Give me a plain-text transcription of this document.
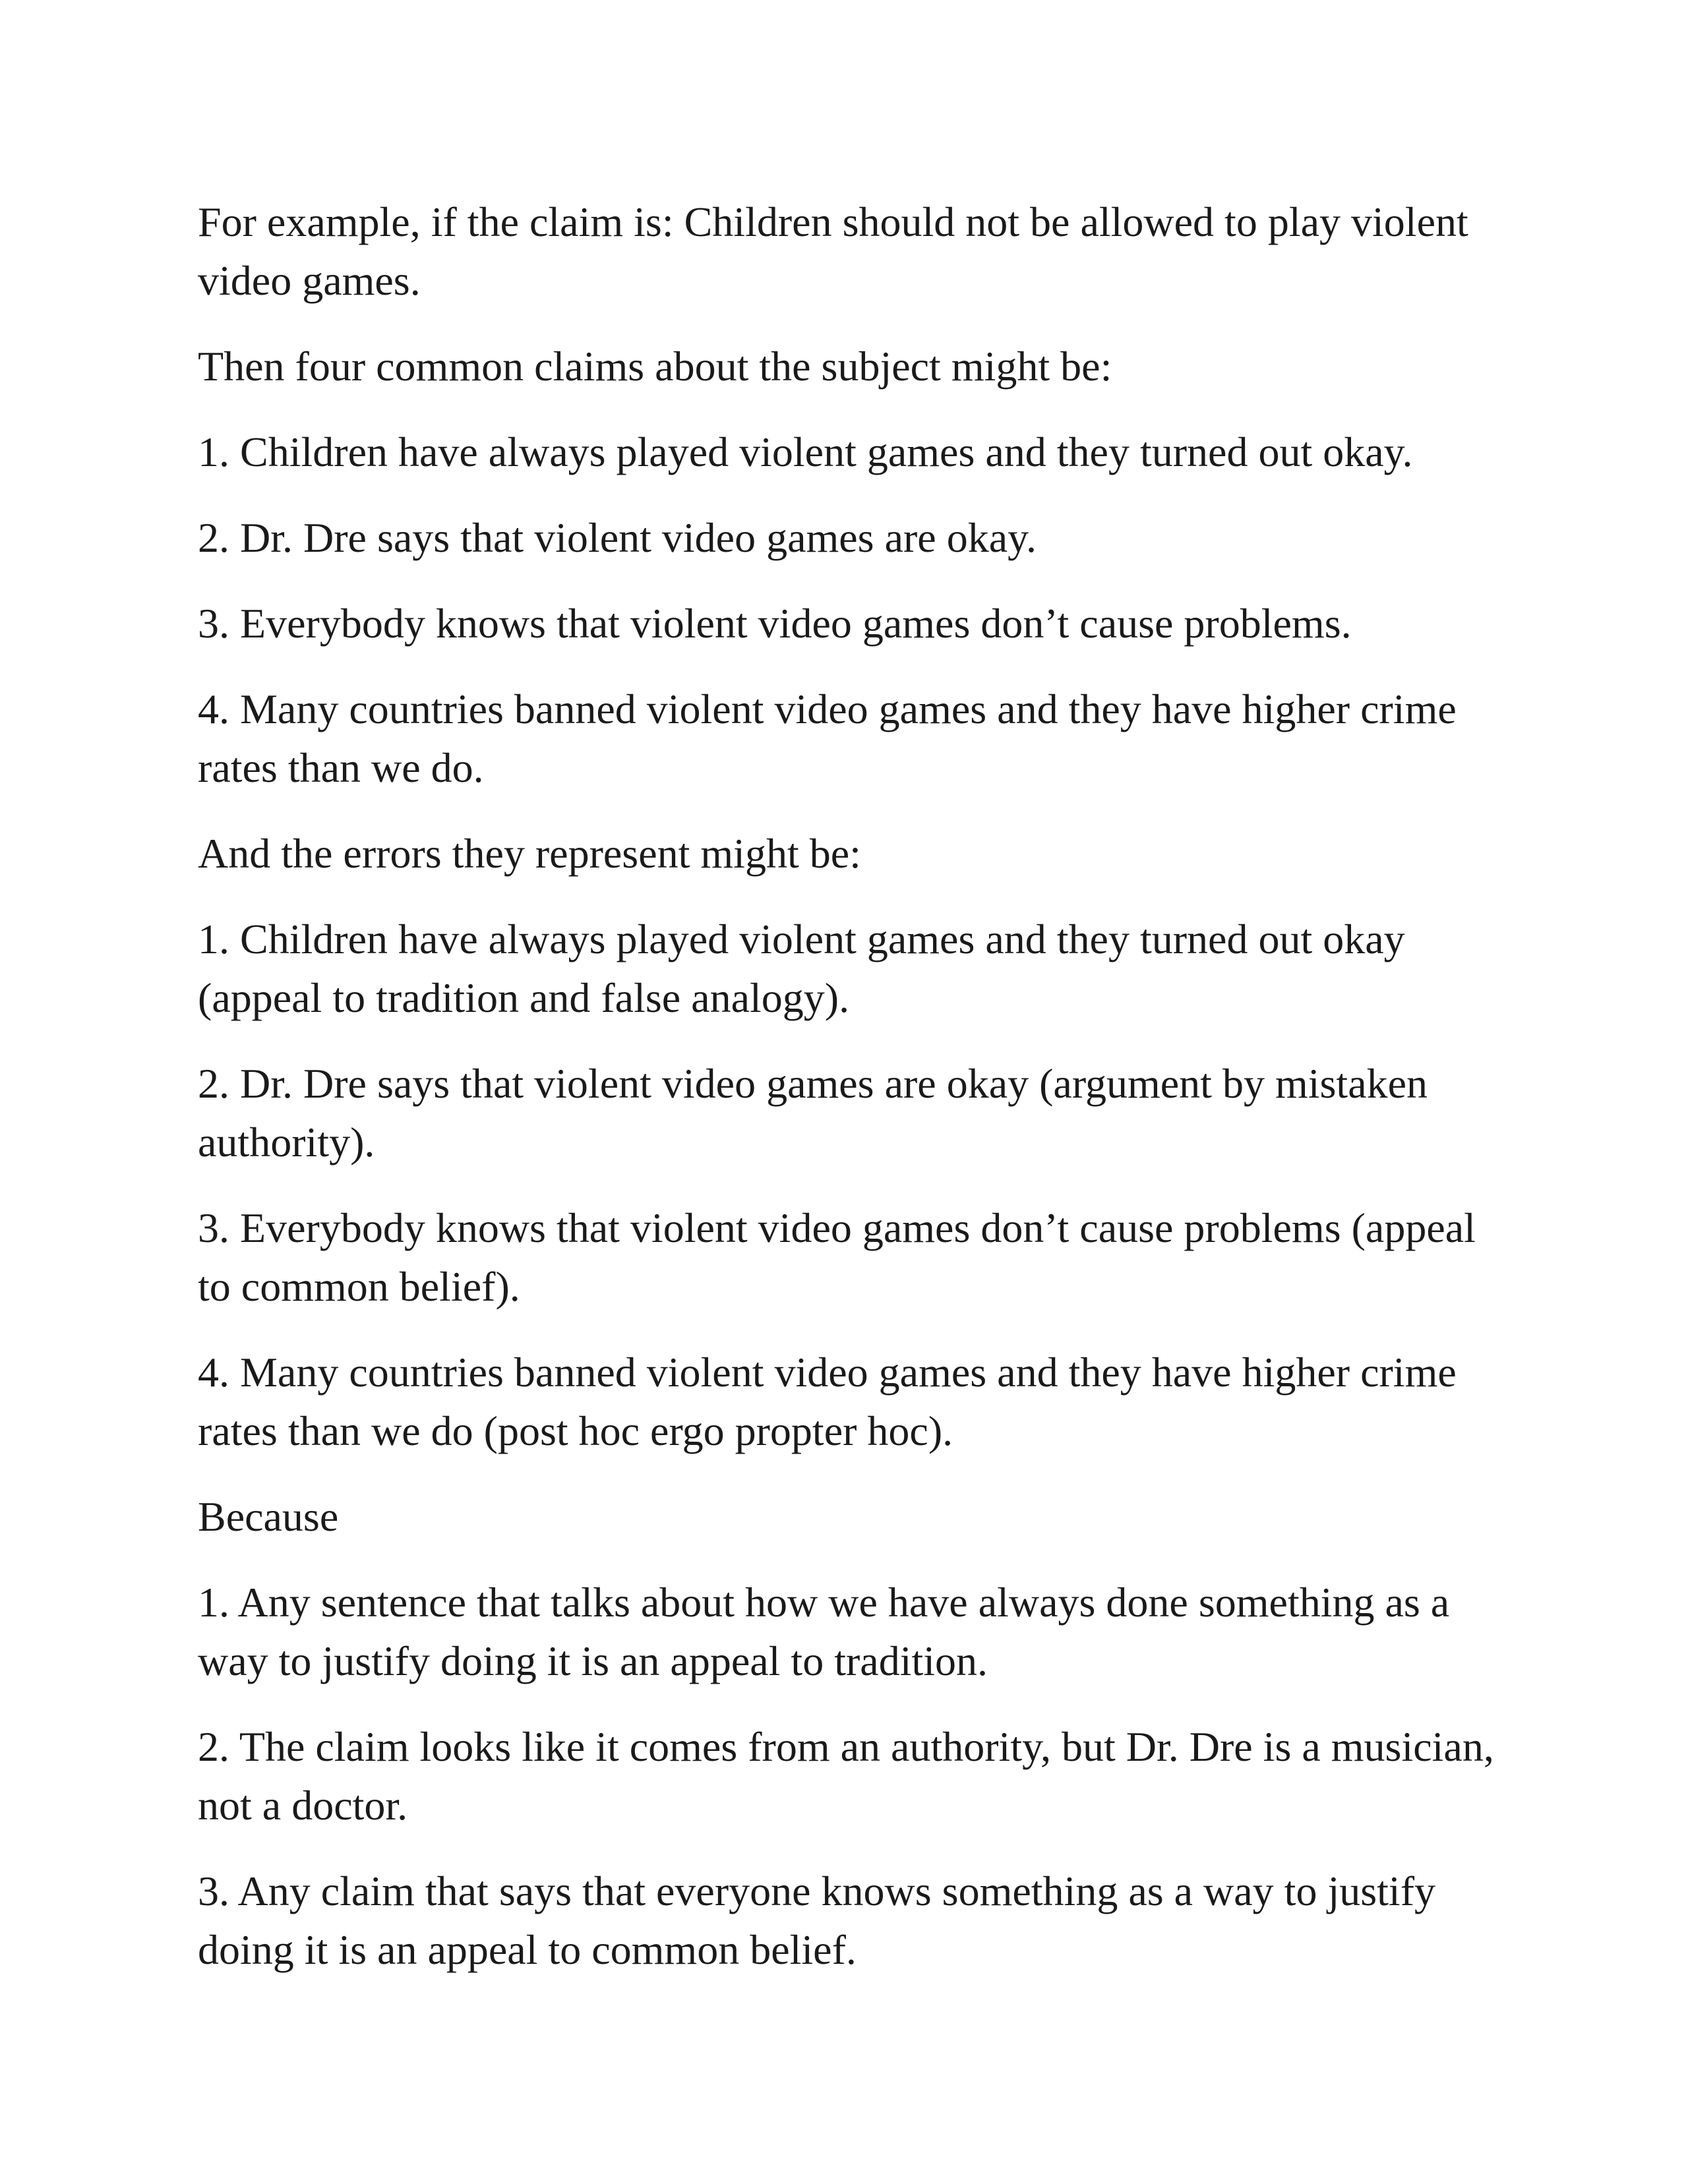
For example, if the claim is: Children should not be allowed to play violent video games.

Then four common claims about the subject might be:

1. Children have always played violent games and they turned out okay.

2. Dr. Dre says that violent video games are okay.

3. Everybody knows that violent video games don’t cause problems.

4. Many countries banned violent video games and they have higher crime rates than we do.

And the errors they represent might be:

1. Children have always played violent games and they turned out okay (appeal to tradition and false analogy).

2. Dr. Dre says that violent video games are okay (argument by mistaken authority).

3. Everybody knows that violent video games don’t cause problems (appeal to common belief).

4. Many countries banned violent video games and they have higher crime rates than we do (post hoc ergo propter hoc).

Because

1. Any sentence that talks about how we have always done something as a way to justify doing it is an appeal to tradition.

2. The claim looks like it comes from an authority, but Dr. Dre is a musician, not a doctor.

3. Any claim that says that everyone knows something as a way to justify doing it is an appeal to common belief.
